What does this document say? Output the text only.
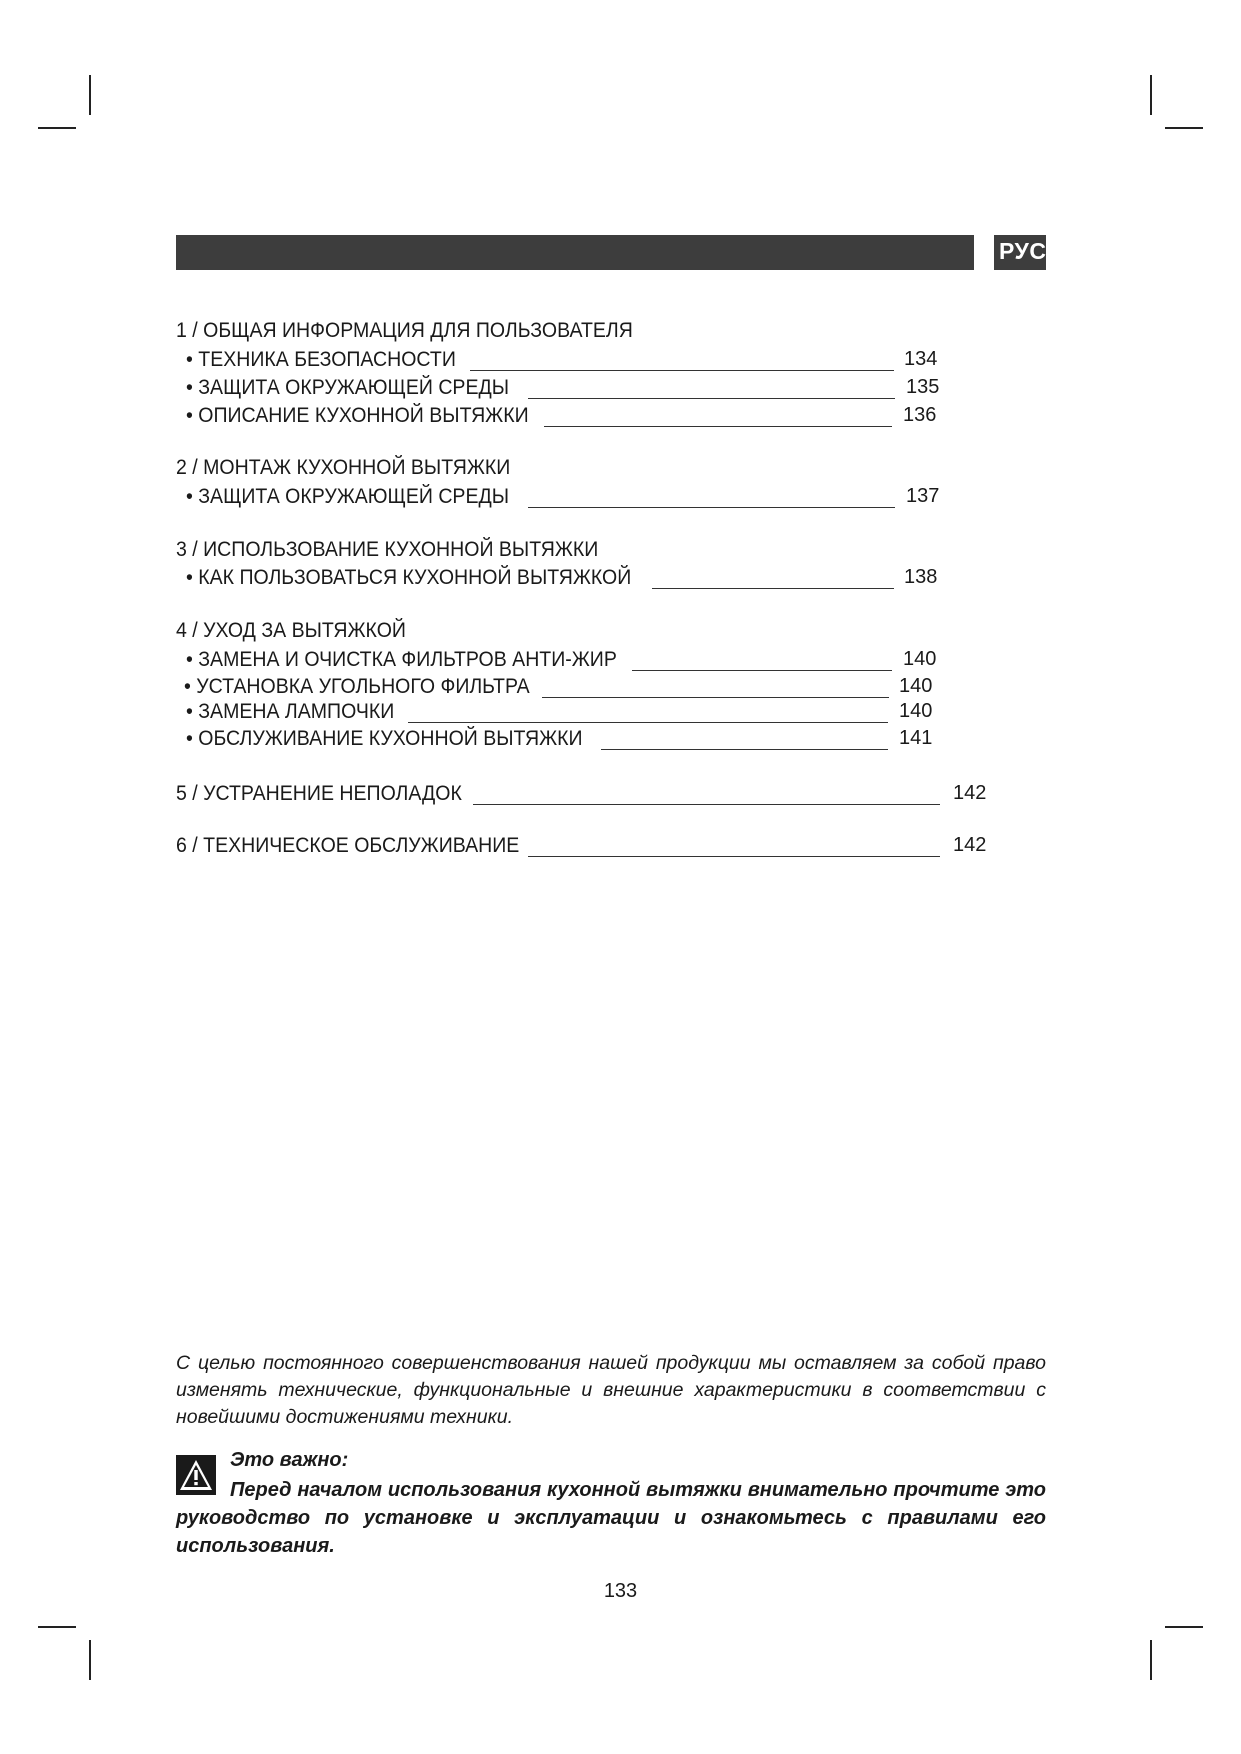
РУСС
1 / ОБЩАЯ ИНФОРМАЦИЯ ДЛЯ ПОЛЬЗОВАТЕЛЯ
• ТЕХНИКА БЕЗОПАСНОСТИ	134
• ЗАЩИТА ОКРУЖАЮЩЕЙ СРЕДЫ	135
• ОПИСАНИЕ КУХОННОЙ ВЫТЯЖКИ	136
2 / МОНТАЖ КУХОННОЙ ВЫТЯЖКИ
• ЗАЩИТА ОКРУЖАЮЩЕЙ СРЕДЫ	137
3 / ИСПОЛЬЗОВАНИЕ КУХОННОЙ ВЫТЯЖКИ
• КАК ПОЛЬЗОВАТЬСЯ КУХОННОЙ ВЫТЯЖКОЙ	138
4 / УХОД ЗА ВЫТЯЖКОЙ
• ЗАМЕНА И ОЧИСТКА ФИЛЬТРОВ АНТИ-ЖИР	140
• УСТАНОВКА УГОЛЬНОГО ФИЛЬТРА	140
• ЗАМЕНА ЛАМПОЧКИ	140
• ОБСЛУЖИВАНИЕ КУХОННОЙ ВЫТЯЖКИ	141
5 / УСТРАНЕНИЕ НЕПОЛАДОК	142
6 / ТЕХНИЧЕСКОЕ ОБСЛУЖИВАНИЕ	142
С целью постоянного совершенствования нашей продукции мы оставляем за собой право изменять технические, функциональные и внешние характеристики в соответствии с новейшими достижениями техники.
Это важно:
Перед началом использования кухонной вытяжки внимательно прочтите это руководство по установке и эксплуатации и ознакомьтесь с правилами его использования.
133
